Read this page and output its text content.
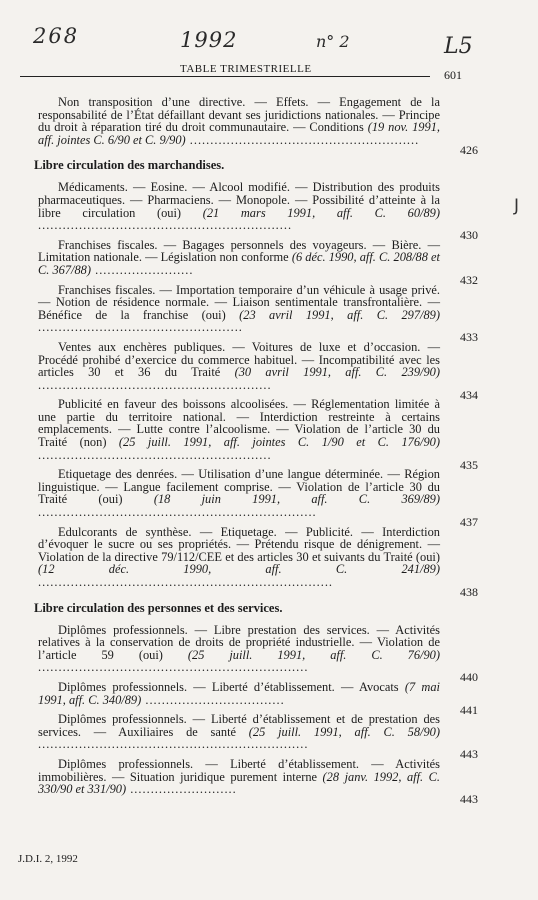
268	1992	n° 2	L5
J
TABLE TRIMESTRIELLE	601
Non transposition d’une directive. — Effets. — Engagement de la responsabilité de l’État défaillant devant ses juridictions nationales. — Principe du droit à réparation tiré du droit communautaire. — Conditions (19 nov. 1991, aff. jointes C. 6/90 et C. 9/90) ........................................................
426
Libre circulation des marchandises.
Médicaments. — Eosine. — Alcool modifié. — Distribution des produits pharmaceutiques. — Pharmaciens. — Monopole. — Possibilité d’atteinte à la libre circulation (oui) (21 mars 1991, aff. C. 60/89) ..............................................................
430
Franchises fiscales. — Bagages personnels des voyageurs. — Bière. — Limitation nationale. — Législation non conforme (6 déc. 1990, aff. C. 208/88 et C. 367/88) ........................
432
Franchises fiscales. — Importation temporaire d’un véhicule à usage privé. — Notion de résidence normale. — Liaison sentimentale transfrontalière. — Bénéfice de la franchise (oui) (23 avril 1991, aff. C. 297/89) ..................................................
433
Ventes aux enchères publiques. — Voitures de luxe et d’occasion. — Procédé prohibé d’exercice du commerce habituel. — Incompatibilité avec les articles 30 et 36 du Traité (30 avril 1991, aff. C. 239/90) .........................................................
434
Publicité en faveur des boissons alcoolisées. — Réglementation limitée à une partie du territoire national. — Interdiction restreinte à certains emplacements. — Lutte contre l’alcoolisme. — Violation de l’article 30 du Traité (non) (25 juill. 1991, aff. jointes C. 1/90 et C. 176/90) .........................................................
435
Etiquetage des denrées. — Utilisation d’une langue déterminée. — Région linguistique. — Langue facilement comprise. — Violation de l’article 30 du Traité (oui) (18 juin 1991, aff. C. 369/89) ....................................................................
437
Edulcorants de synthèse. — Etiquetage. — Publicité. — Interdiction d’évoquer le sucre ou ses propriétés. — Prétendu risque de dénigrement. — Violation de la directive 79/112/CEE et des articles 30 et suivants du Traité (oui) (12 déc. 1990, aff. C. 241/89) ........................................................................
438
Libre circulation des personnes et des services.
Diplômes professionnels. — Libre prestation des services. — Activités relatives à la conservation de droits de propriété industrielle. — Violation de l’article 59 (oui) (25 juill. 1991, aff. C. 76/90) ..................................................................
440
Diplômes professionnels. — Liberté d’établissement. — Avocats (7 mai 1991, aff. C. 340/89) ..................................
441
Diplômes professionnels. — Liberté d’établissement et de prestation des services. — Auxiliaires de santé (25 juill. 1991, aff. C. 58/90) ..................................................................
443
Diplômes professionnels. — Liberté d’établissement. — Activités immobilières. — Situation juridique purement interne (28 janv. 1992, aff. C. 330/90 et 331/90) ..........................
443
J.D.I. 2, 1992
